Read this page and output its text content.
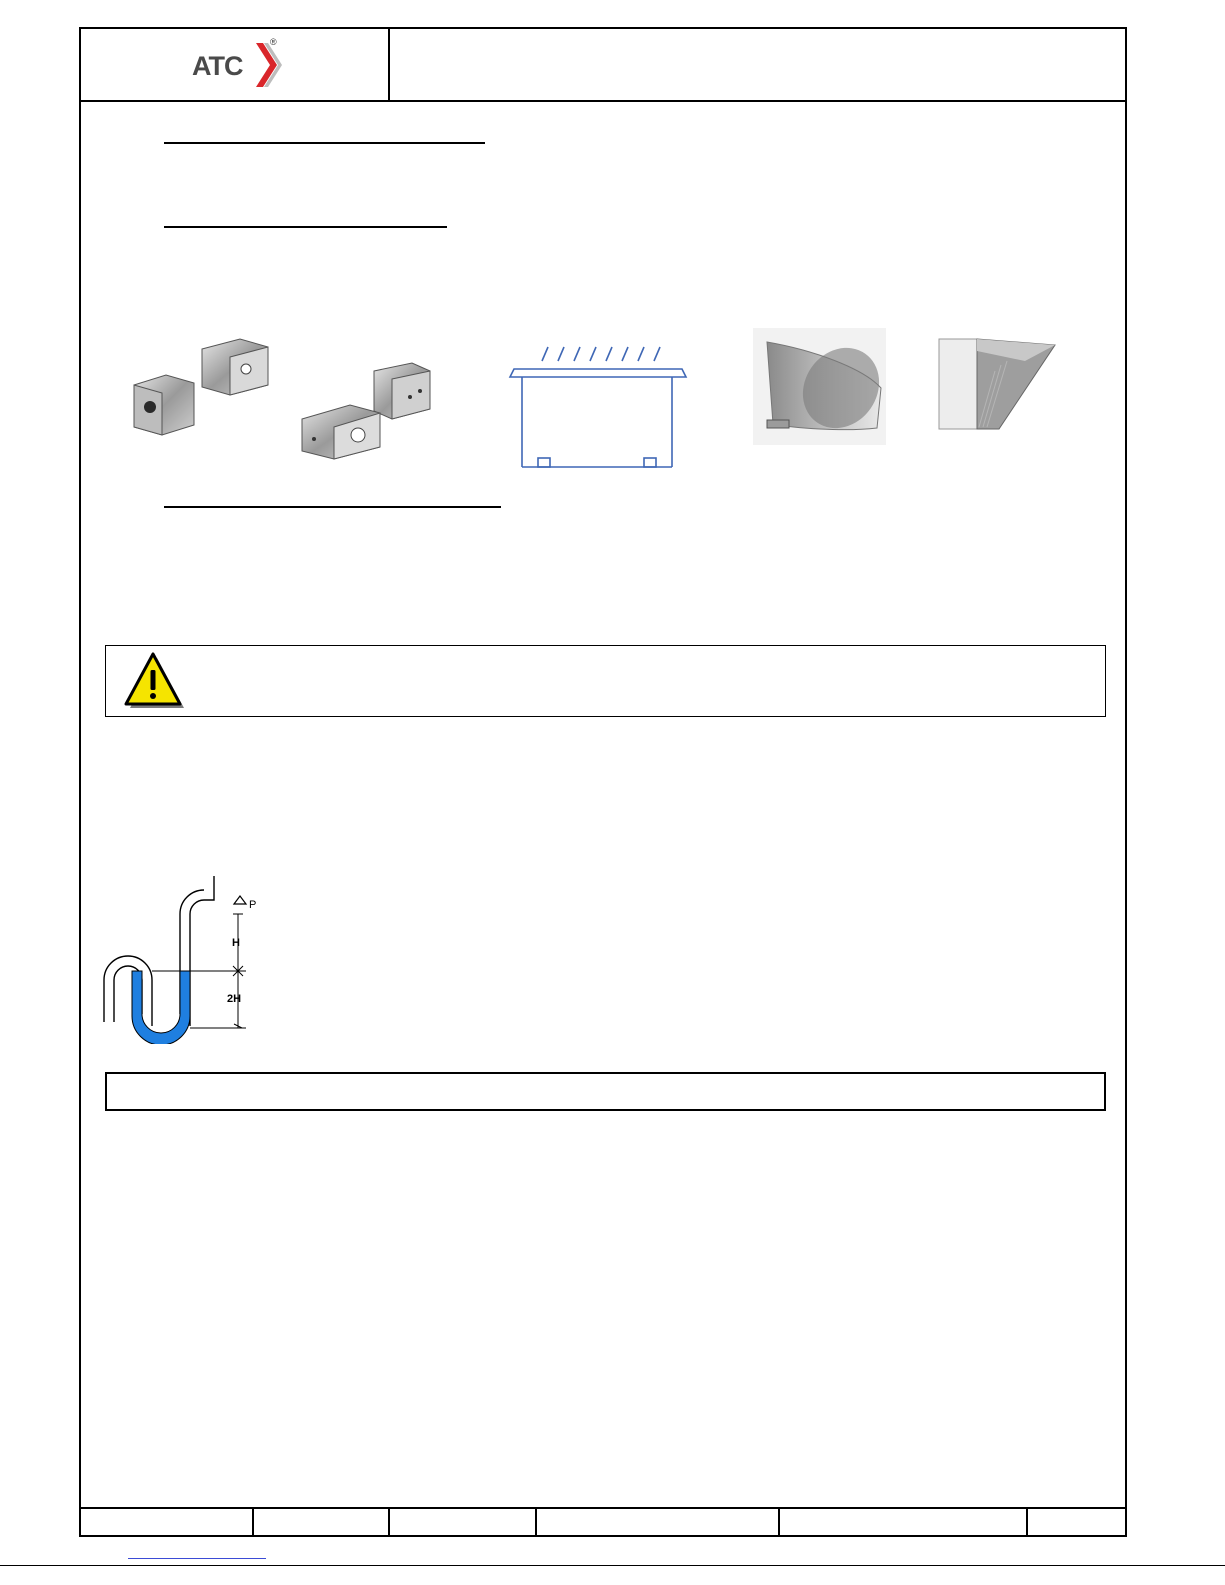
ATC
®
P
H
2H
